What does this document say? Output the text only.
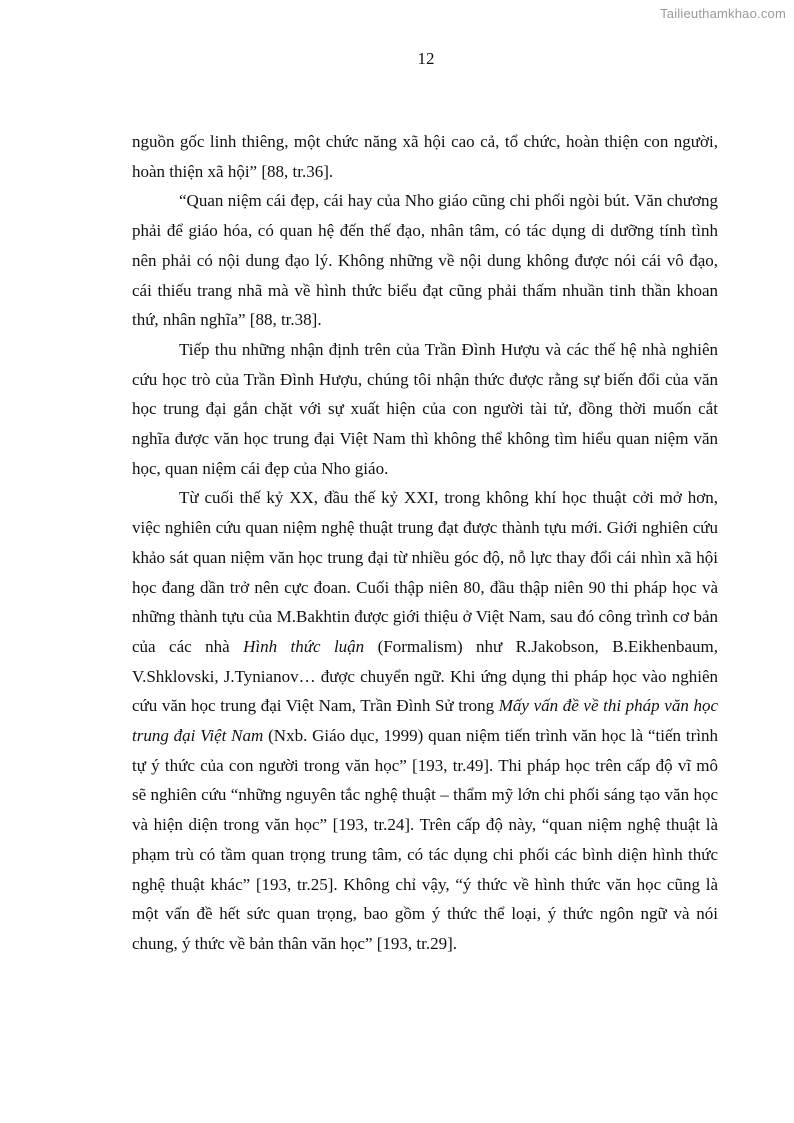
Tailieuthamkhao.com
12

nguồn gốc linh thiêng, một chức năng xã hội cao cả, tổ chức, hoàn thiện con người, hoàn thiện xã hội” [88, tr.36].

“Quan niệm cái đẹp, cái hay của Nho giáo cũng chi phối ngòi bút. Văn chương phải để giáo hóa, có quan hệ đến thế đạo, nhân tâm, có tác dụng di dưỡng tính tình nên phải có nội dung đạo lý. Không những về nội dung không được nói cái vô đạo, cái thiếu trang nhã mà về hình thức biểu đạt cũng phải thấm nhuần tinh thần khoan thứ, nhân nghĩa” [88, tr.38].

Tiếp thu những nhận định trên của Trần Đình Hượu và các thế hệ nhà nghiên cứu học trò của Trần Đình Hượu, chúng tôi nhận thức được rằng sự biến đổi của văn học trung đại gắn chặt với sự xuất hiện của con người tài tử, đồng thời muốn cắt nghĩa được văn học trung đại Việt Nam thì không thể không tìm hiểu quan niệm văn học, quan niệm cái đẹp của Nho giáo.

Từ cuối thế kỷ XX, đầu thế kỷ XXI, trong không khí học thuật cởi mở hơn, việc nghiên cứu quan niệm nghệ thuật trung đạt được thành tựu mới. Giới nghiên cứu khảo sát quan niệm văn học trung đại từ nhiều góc độ, nỗ lực thay đổi cái nhìn xã hội học đang dần trở nên cực đoan. Cuối thập niên 80, đầu thập niên 90 thi pháp học và những thành tựu của M.Bakhtin được giới thiệu ở Việt Nam, sau đó công trình cơ bản của các nhà Hình thức luận (Formalism) như R.Jakobson, B.Eikhenbaum, V.Shklovski, J.Tynianov… được chuyển ngữ. Khi ứng dụng thi pháp học vào nghiên cứu văn học trung đại Việt Nam, Trần Đình Sử trong Mấy vấn đề về thi pháp văn học trung đại Việt Nam (Nxb. Giáo dục, 1999) quan niệm tiến trình văn học là “tiến trình tự ý thức của con người trong văn học” [193, tr.49]. Thi pháp học trên cấp độ vĩ mô sẽ nghiên cứu “những nguyên tắc nghệ thuật – thẩm mỹ lớn chi phối sáng tạo văn học và hiện diện trong văn học” [193, tr.24]. Trên cấp độ này, “quan niệm nghệ thuật là phạm trù có tầm quan trọng trung tâm, có tác dụng chi phối các bình diện hình thức nghệ thuật khác” [193, tr.25]. Không chỉ vậy, “ý thức về hình thức văn học cũng là một vấn đề hết sức quan trọng, bao gồm ý thức thể loại, ý thức ngôn ngữ và nói chung, ý thức về bản thân văn học” [193, tr.29].
